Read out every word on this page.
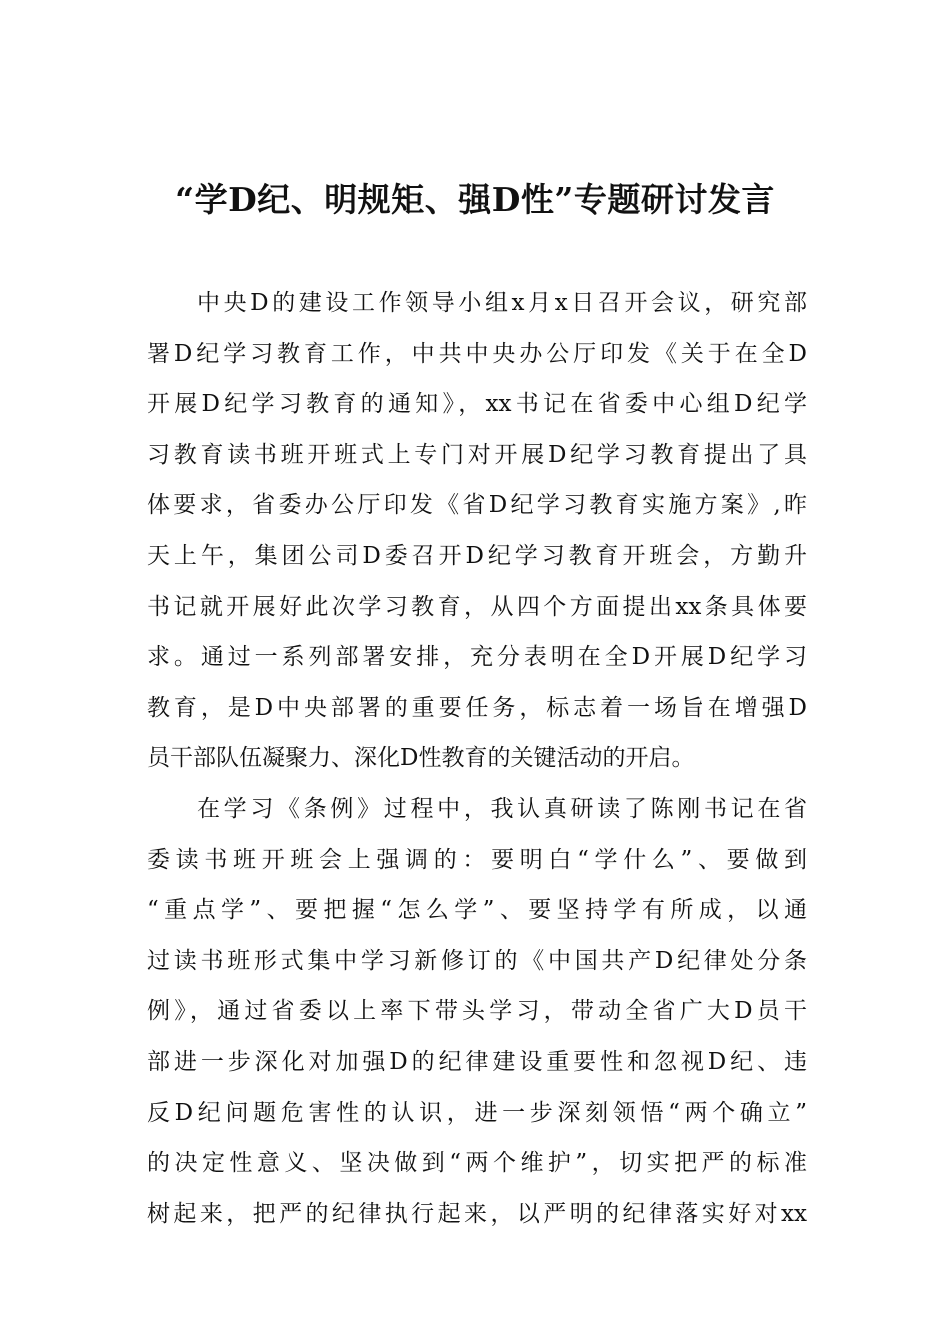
“学D纪、明规矩、强D性”专题研讨发言
中央D的建设工作领导小组x月x日召开会议，研究部
署D纪学习教育工作，中共中央办公厅印发《关于在全D
开展D纪学习教育的通知》，xx书记在省委中心组D纪学
习教育读书班开班式上专门对开展D纪学习教育提出了具
体要求，省委办公厅印发《省D纪学习教育实施方案》,昨
天上午，集团公司D委召开D纪学习教育开班会，方勤升
书记就开展好此次学习教育，从四个方面提出xx条具体要
求。通过一系列部署安排，充分表明在全D开展D纪学习
教育，是D中央部署的重要任务，标志着一场旨在增强D
员干部队伍凝聚力、深化D性教育的关键活动的开启。
在学习《条例》过程中，我认真研读了陈刚书记在省
委读书班开班会上强调的：要明白“学什么”、要做到
“重点学”、要把握“怎么学”、要坚持学有所成，以通
过读书班形式集中学习新修订的《中国共产D纪律处分条
例》，通过省委以上率下带头学习，带动全省广大D员干
部进一步深化对加强D的纪律建设重要性和忽视D纪、违
反D纪问题危害性的认识，进一步深刻领悟“两个确立”
的决定性意义、坚决做到“两个维护”，切实把严的标准
树起来，把严的纪律执行起来，以严明的纪律落实好对xx
